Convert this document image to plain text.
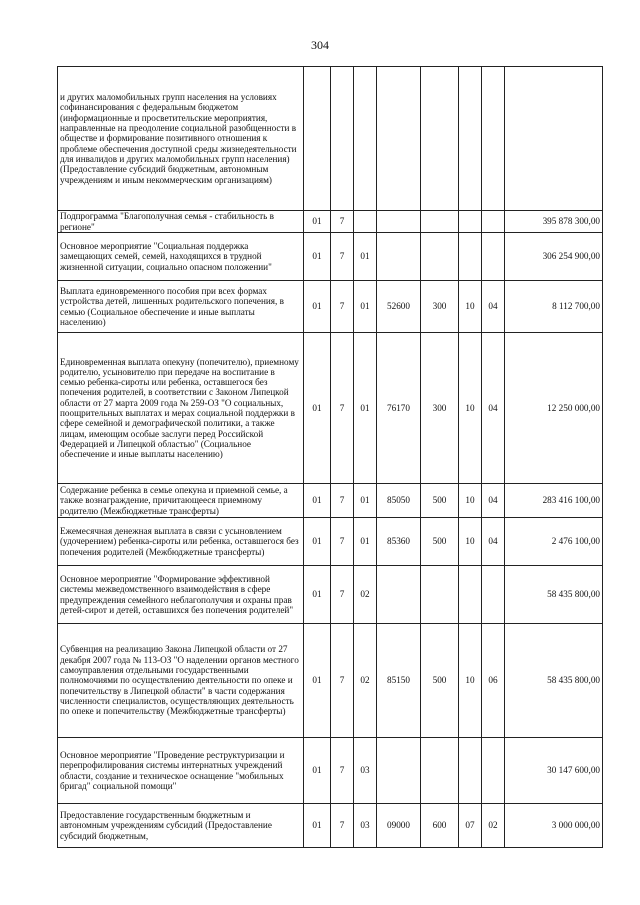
304
и других маломобильных групп населения на условиях софинансирования с федеральным бюджетом (информационные и просветительские мероприятия, направленные на преодоление социальной разобщенности в обществе и формирование позитивного отношения к проблеме обеспечения доступной среды жизнедеятельности для инвалидов и других маломобильных групп населения) (Предоставление субсидий бюджетным, автономным учреждениям и иным некоммерческим организациям)								
Подпрограмма "Благополучная семья - стабильность в регионе"	01	7						395 878 300,00
Основное мероприятие "Социальная поддержка замещающих семей, семей, находящихся в трудной жизненной ситуации, социально опасном положении"	01	7	01					306 254 900,00
Выплата единовременного пособия при всех формах устройства детей, лишенных родительского попечения, в семью (Социальное обеспечение и иные выплаты населению)	01	7	01	52600	300	10	04	8 112 700,00
Единовременная выплата опекуну (попечителю), приемному родителю, усыновителю при передаче на воспитание в семью ребенка-сироты или ребенка, оставшегося без попечения родителей, в соответствии с Законом Липецкой области от 27 марта 2009 года № 259-ОЗ "О социальных, поощрительных выплатах и мерах социальной поддержки в сфере семейной и демографической политики, а также лицам, имеющим особые заслуги перед Российской Федерацией и Липецкой областью" (Социальное обеспечение и иные выплаты населению)	01	7	01	76170	300	10	04	12 250 000,00
Содержание ребенка в семье опекуна и приемной семье, а также вознаграждение, причитающееся приемному родителю (Межбюджетные трансферты)	01	7	01	85050	500	10	04	283 416 100,00
Ежемесячная денежная выплата в связи с усыновлением (удочерением) ребенка-сироты или ребенка, оставшегося без попечения родителей (Межбюджетные трансферты)	01	7	01	85360	500	10	04	2 476 100,00
Основное мероприятие "Формирование эффективной системы межведомственного взаимодействия в сфере предупреждения семейного неблагополучия и охраны прав детей-сирот и детей, оставшихся без попечения родителей"	01	7	02					58 435 800,00
Субвенция на реализацию Закона Липецкой области от 27 декабря 2007 года № 113-ОЗ "О наделении органов местного самоуправления отдельными государственными полномочиями по осуществлению деятельности по опеке и попечительству в Липецкой области" в части содержания численности специалистов, осуществляющих деятельность по опеке и попечительству (Межбюджетные трансферты)	01	7	02	85150	500	10	06	58 435 800,00
Основное мероприятие "Проведение реструктуризации и перепрофилирования системы интернатных учреждений области, создание и техническое оснащение "мобильных бригад" социальной помощи"	01	7	03					30 147 600,00
Предоставление государственным бюджетным и автономным учреждениям субсидий (Предоставление субсидий бюджетным,	01	7	03	09000	600	07	02	3 000 000,00
